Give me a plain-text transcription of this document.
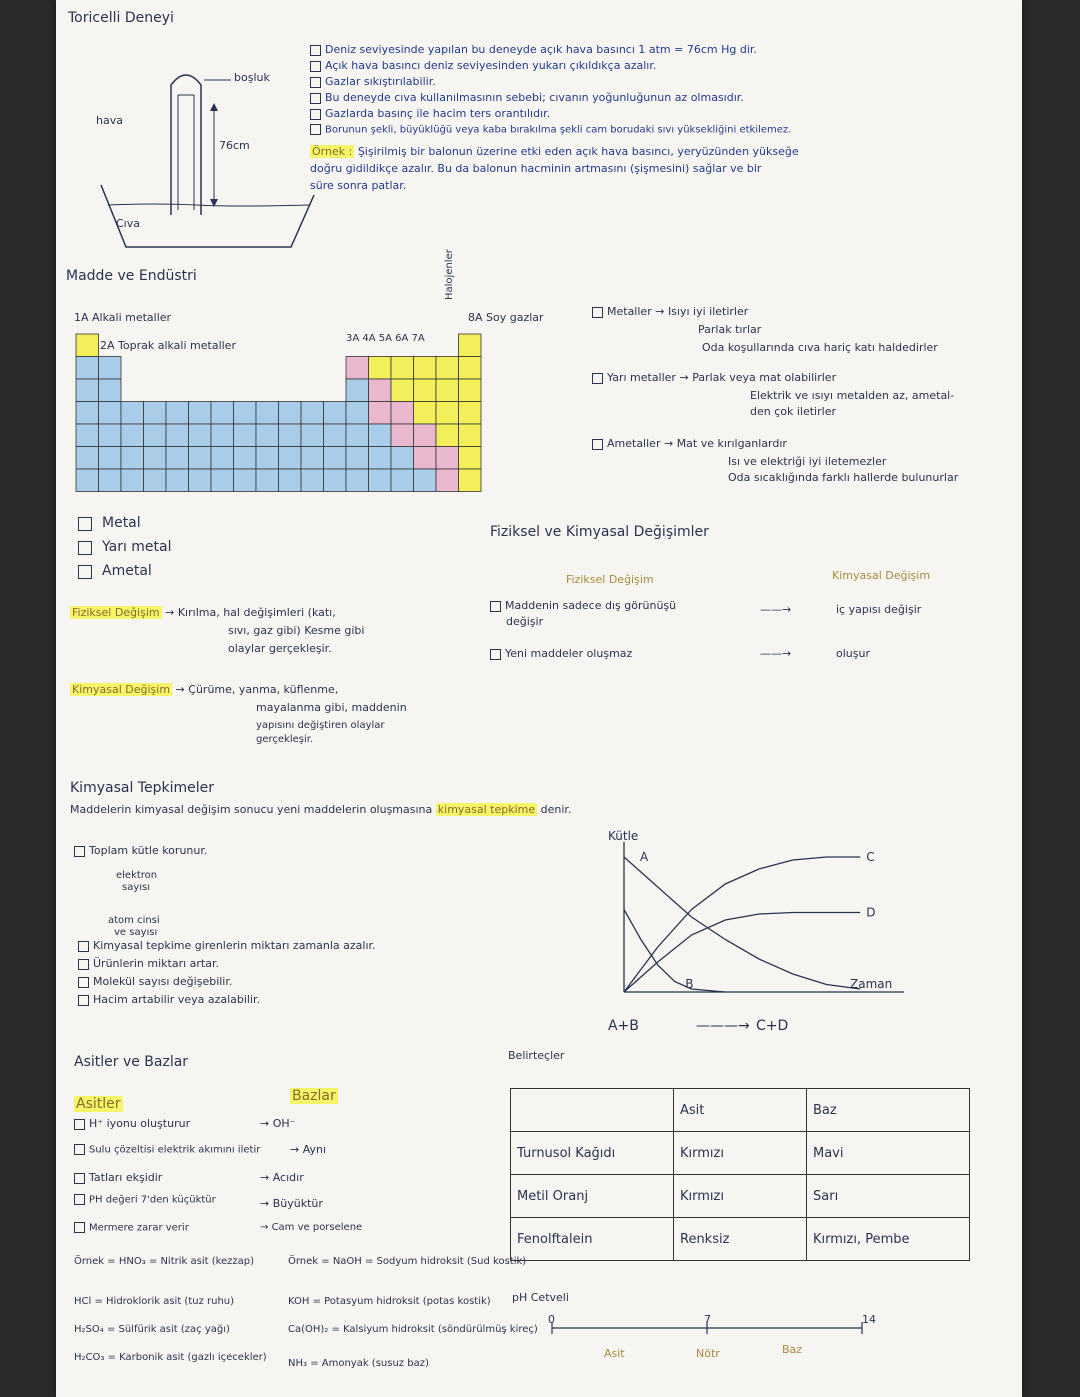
Toricelli Deneyi
boşluk
hava
76cm
Cıva
Deniz seviyesinde yapılan bu deneyde açık hava basıncı 1 atm = 76cm Hg dir.
Açık hava basıncı deniz seviyesinden yukarı çıkıldıkça azalır.
Gazlar sıkıştırılabilir.
Bu deneyde cıva kullanılmasının sebebi; cıvanın yoğunluğunun az olmasıdır.
Gazlarda basınç ile hacim ters orantılıdır.
Borunun şekli, büyüklüğü veya kaba bırakılma şekli cam borudaki sıvı yüksekliğini etkilemez.
Örnek : Şişirilmiş bir balonun üzerine etki eden açık hava basıncı, yeryüzünden yükseğe
doğru gidildikçe azalır. Bu da balonun hacminin artmasını (şişmesini) sağlar ve bir
süre sonra patlar.
Madde ve Endüstri
1A Alkali metaller
2A Toprak alkali metaller
3A 4A 5A 6A 7A
8A Soy gazlar
Halojenler
Metal
Yarı metal
Ametal
Metaller → Isıyı iyi iletirler
Parlak tırlar
Oda koşullarında cıva hariç katı haldedirler
Yarı metaller → Parlak veya mat olabilirler
Elektrik ve ısıyı metalden az, ametal-
den çok iletirler
Ametaller → Mat ve kırılganlardır
Isı ve elektriği iyi iletemezler
Oda sıcaklığında farklı hallerde bulunurlar
Fiziksel ve Kimyasal Değişimler
Fiziksel Değişim → Kırılma, hal değişimleri (katı,
sıvı, gaz gibi) Kesme gibi
olaylar gerçekleşir.
Kimyasal Değişim → Çürüme, yanma, küflenme,
mayalanma gibi, maddenin
yapısını değiştiren olaylar
gerçekleşir.
Fiziksel Değişim	Kimyasal Değişim
Maddenin sadece dış görünüşü
değişir
——→	iç yapısı değişir
Yeni maddeler oluşmaz	——→	oluşur
Kimyasal Tepkimeler
Maddelerin kimyasal değişim sonucu yeni maddelerin oluşmasına kimyasal tepkime denir.
Toplam kütle korunur.
elektron
sayısı
atom cinsi
ve sayısı
Kimyasal tepkime girenlerin miktarı zamanla azalır.
Ürünlerin miktarı artar.
Molekül sayısı değişebilir.
Hacim artabilir veya azalabilir.
Kütle
Zaman
A
B
C
D
A+B	———→ C+D
Asitler ve Bazlar
Asitler	Bazlar
H⁺ iyonu oluşturur	→ OH⁻
Sulu çözeltisi elektrik akımını iletir	→ Aynı
Tatları ekşidir	→ Acıdır
PH değeri 7'den küçüktür	→ Büyüktür
Mermere zarar verir	→ Cam ve porselene
Örnek = HNO₃ = Nitrik asit (kezzap)	Örnek = NaOH = Sodyum hidroksit (Sud kostik)
HCl = Hidroklorik asit (tuz ruhu)	KOH = Potasyum hidroksit (potas kostik)
H₂SO₄ = Sülfürik asit (zaç yağı)	Ca(OH)₂ = Kalsiyum hidroksit (söndürülmüş kireç)
H₂CO₃ = Karbonik asit (gazlı içecekler)
NH₃ = Amonyak (susuz baz)
Belirteçler
	Asit	Baz
Turnusol Kağıdı	Kırmızı	Mavi
Metil Oranj	Kırmızı	Sarı
Fenolftalein	Renksiz	Kırmızı, Pembe
pH Cetveli
0	7	14
Asit	Nötr	Baz
